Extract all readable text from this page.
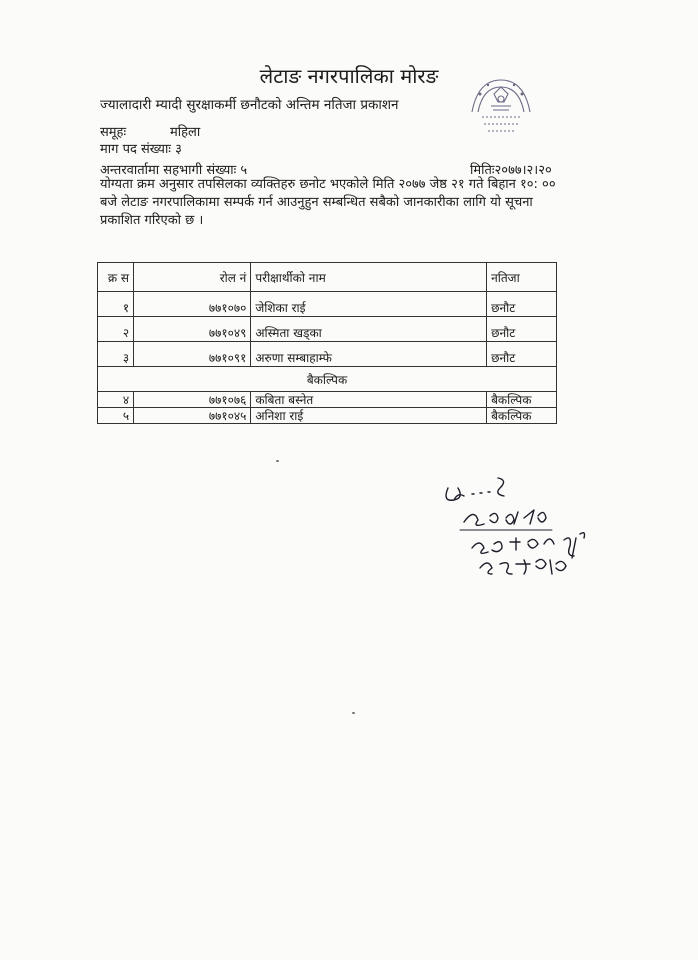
लेटाङ नगरपालिका मोरङ
ज्यालादारी म्यादी सुरक्षाकर्मी छनौटको अन्तिम नतिजा प्रकाशन
समूहः	महिला
माग पद संख्याः ३
अन्तरवार्तामा सहभागी संख्याः ५	मितिः२०७७।२।२०
योग्यता क्रम अनुसार तपसिलका व्यक्तिहरु छनोट भएकोले मिति २०७७ जेष्ठ २१ गते बिहान १०: ०० बजे लेटाङ नगरपालिकामा सम्पर्क गर्न आउनुहुन सम्बन्धित सबैको जानकारीका लागि यो सूचना प्रकाशित गरिएको छ ।
क्र स	रोल नं	परीक्षार्थीको नाम	नतिजा
१	७७१०७०	जेशिका राई	छनौट
२	७७१०४९	अस्मिता खड्का	छनौट
३	७७१०९१	अरुणा सम्बाहाम्फे	छनौट
बैकल्पिक			
४	७७१०७६	कबिता बस्नेत	बैकल्पिक
५	७७१०४५	अनिशा राई	बैकल्पिक
